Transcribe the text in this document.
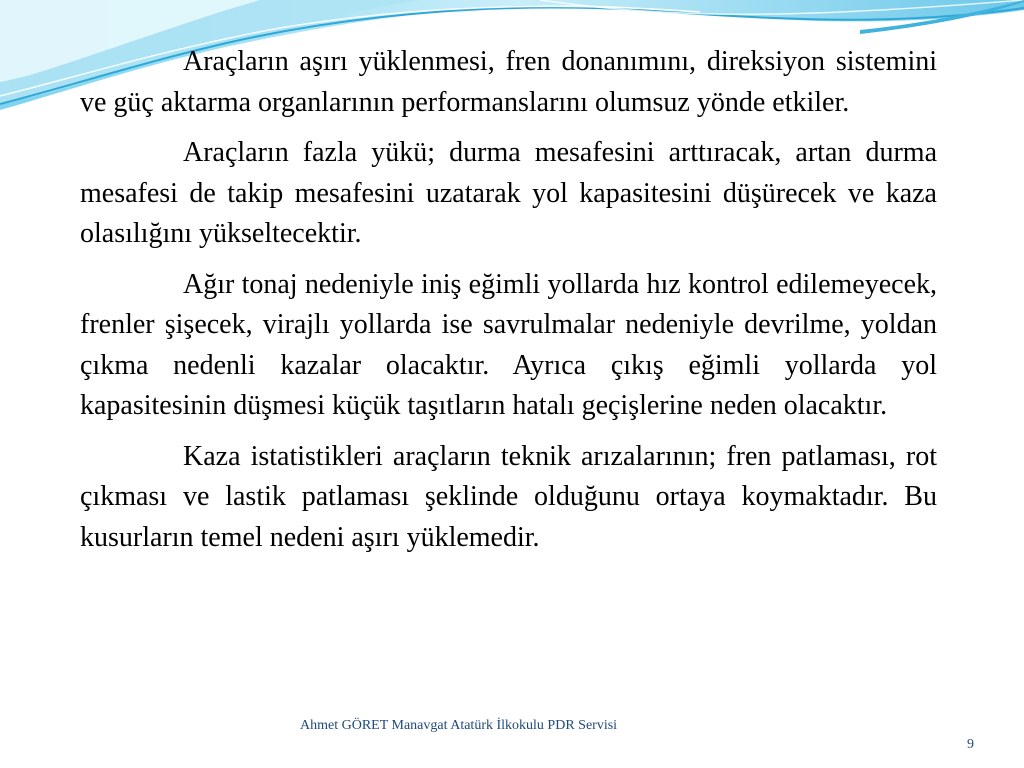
Araçların aşırı yüklenmesi, fren donanımını, direksiyon sistemini ve güç aktarma organlarının performanslarını olumsuz yönde etkiler.

Araçların fazla yükü; durma mesafesini arttıracak, artan durma mesafesi de takip mesafesini uzatarak yol kapasitesini düşürecek ve kaza olasılığını yükseltecektir.

Ağır tonaj nedeniyle iniş eğimli yollarda hız kontrol edilemeyecek, frenler şişecek, virajlı yollarda ise savrulmalar nedeniyle devrilme, yoldan çıkma nedenli kazalar olacaktır. Ayrıca çıkış eğimli yollarda yol kapasitesinin düşmesi küçük taşıtların hatalı geçişlerine neden olacaktır.

Kaza istatistikleri araçların teknik arızalarının; fren patlaması, rot çıkması ve lastik patlaması şeklinde olduğunu ortaya koymaktadır. Bu kusurların temel nedeni aşırı yüklemedir.

Ahmet GÖRET Manavgat Atatürk İlkokulu PDR Servisi
9
